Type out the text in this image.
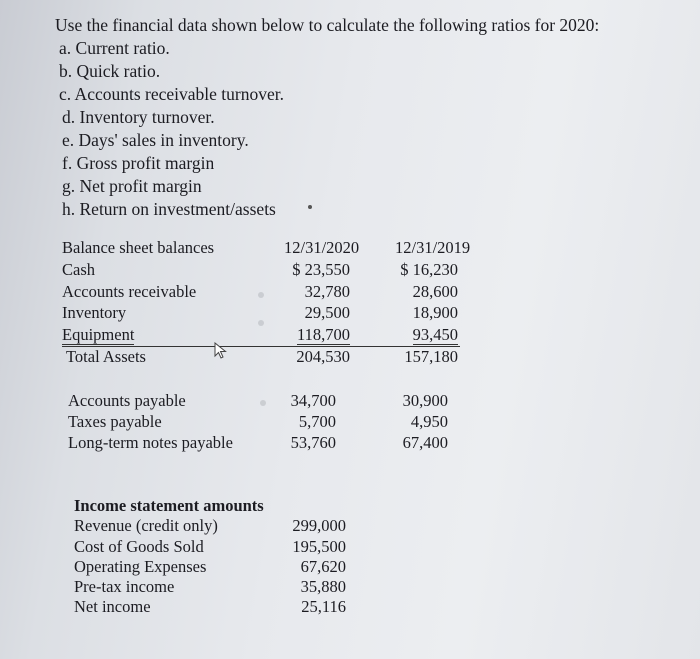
Use the financial data shown below to calculate the following ratios for 2020:
a. Current ratio.
b. Quick ratio.
c. Accounts receivable turnover.
d. Inventory turnover.
e. Days' sales in inventory.
f. Gross profit margin
g. Net profit margin
h. Return on investment/assets
Balance sheet balances	12/31/2020 12/31/2019
Cash	$ 23,550	$ 16,230
Accounts receivable	32,780	28,600
Inventory	29,500	18,900
Equipment	118,700	93,450
Total Assets	204,530	157,180
Accounts payable	34,700	30,900
Taxes payable	5,700	4,950
Long-term notes payable	53,760	67,400
Income statement amounts
Revenue (credit only)	299,000
Cost of Goods Sold	195,500
Operating Expenses	67,620
Pre-tax income	35,880
Net income	25,116
